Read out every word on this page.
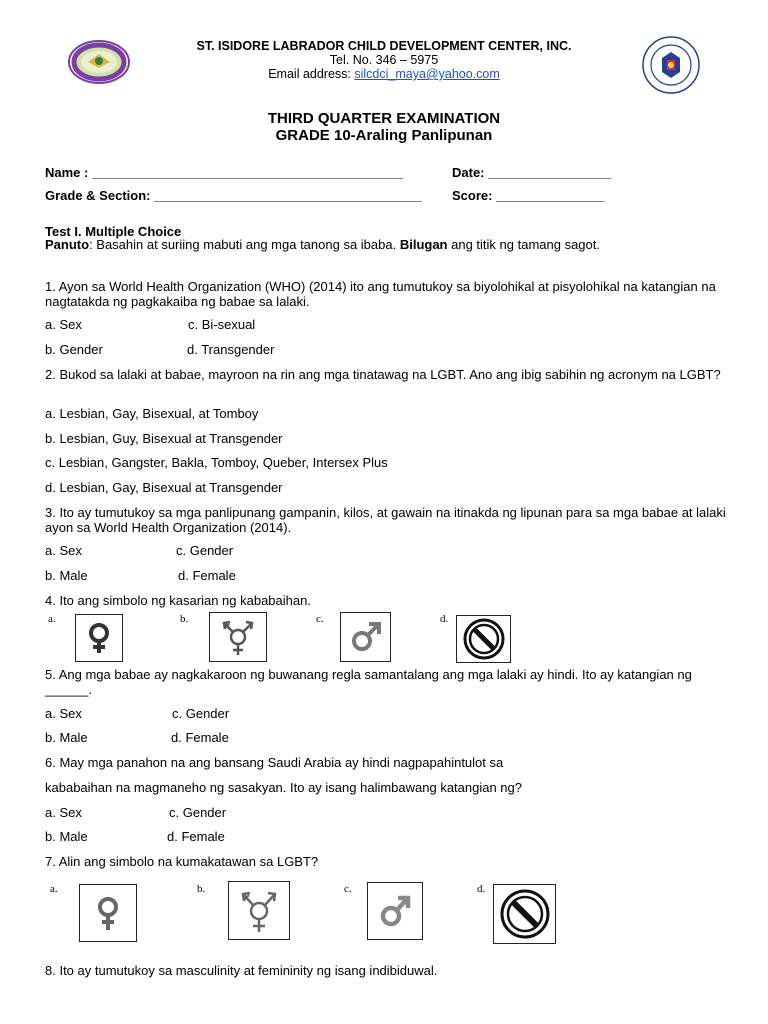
ST. ISIDORE LABRADOR CHILD DEVELOPMENT CENTER, INC.
Tel. No. 346 – 5975
Email address: silcdci_maya@yahoo.com
THIRD QUARTER EXAMINATION
GRADE 10-Araling Panlipunan
Name : ___________________________________________	Date: _________________
Grade & Section: _____________________________________	Score: _______________
Test I. Multiple Choice
Panuto: Basahin at suriing mabuti ang mga tanong sa ibaba. Bilugan ang titik ng tamang sagot.
1. Ayon sa World Health Organization (WHO) (2014) ito ang tumutukoy sa biyolohikal at pisyolohikal na katangian na nagtatakda ng pagkakaiba ng babae sa lalaki.
a. Sex	c. Bi-sexual
b. Gender	d. Transgender
2. Bukod sa lalaki at babae, mayroon na rin ang mga tinatawag na LGBT. Ano ang ibig sabihin ng acronym na LGBT?
a. Lesbian, Gay, Bisexual, at Tomboy
b. Lesbian, Guy, Bisexual at Transgender
c. Lesbian, Gangster, Bakla, Tomboy, Queber, Intersex Plus
d. Lesbian, Gay, Bisexual at Transgender
3. Ito ay tumutukoy sa mga panlipunang gampanin, kilos, at gawain na itinakda ng lipunan para sa mga babae at lalaki ayon sa World Health Organization (2014).
a. Sex	c. Gender
b. Male	d. Female
4. Ito ang simbolo ng kasarian ng kababaihan.
a.	b.	c.	d.
5. Ang mga babae ay nagkakaroon ng buwanang regla samantalang ang mga lalaki ay hindi. Ito ay katangian ng ______.
a. Sex	c. Gender
b. Male	d. Female
6. May mga panahon na ang bansang Saudi Arabia ay hindi nagpapahintulot sa
kababaihan na magmaneho ng sasakyan. Ito ay isang halimbawang katangian ng?
a. Sex	c. Gender
b. Male	d. Female
7. Alin ang simbolo na kumakatawan sa LGBT?
a.	b.	c.	d.
8. Ito ay tumutukoy sa masculinity at femininity ng isang indibiduwal.
